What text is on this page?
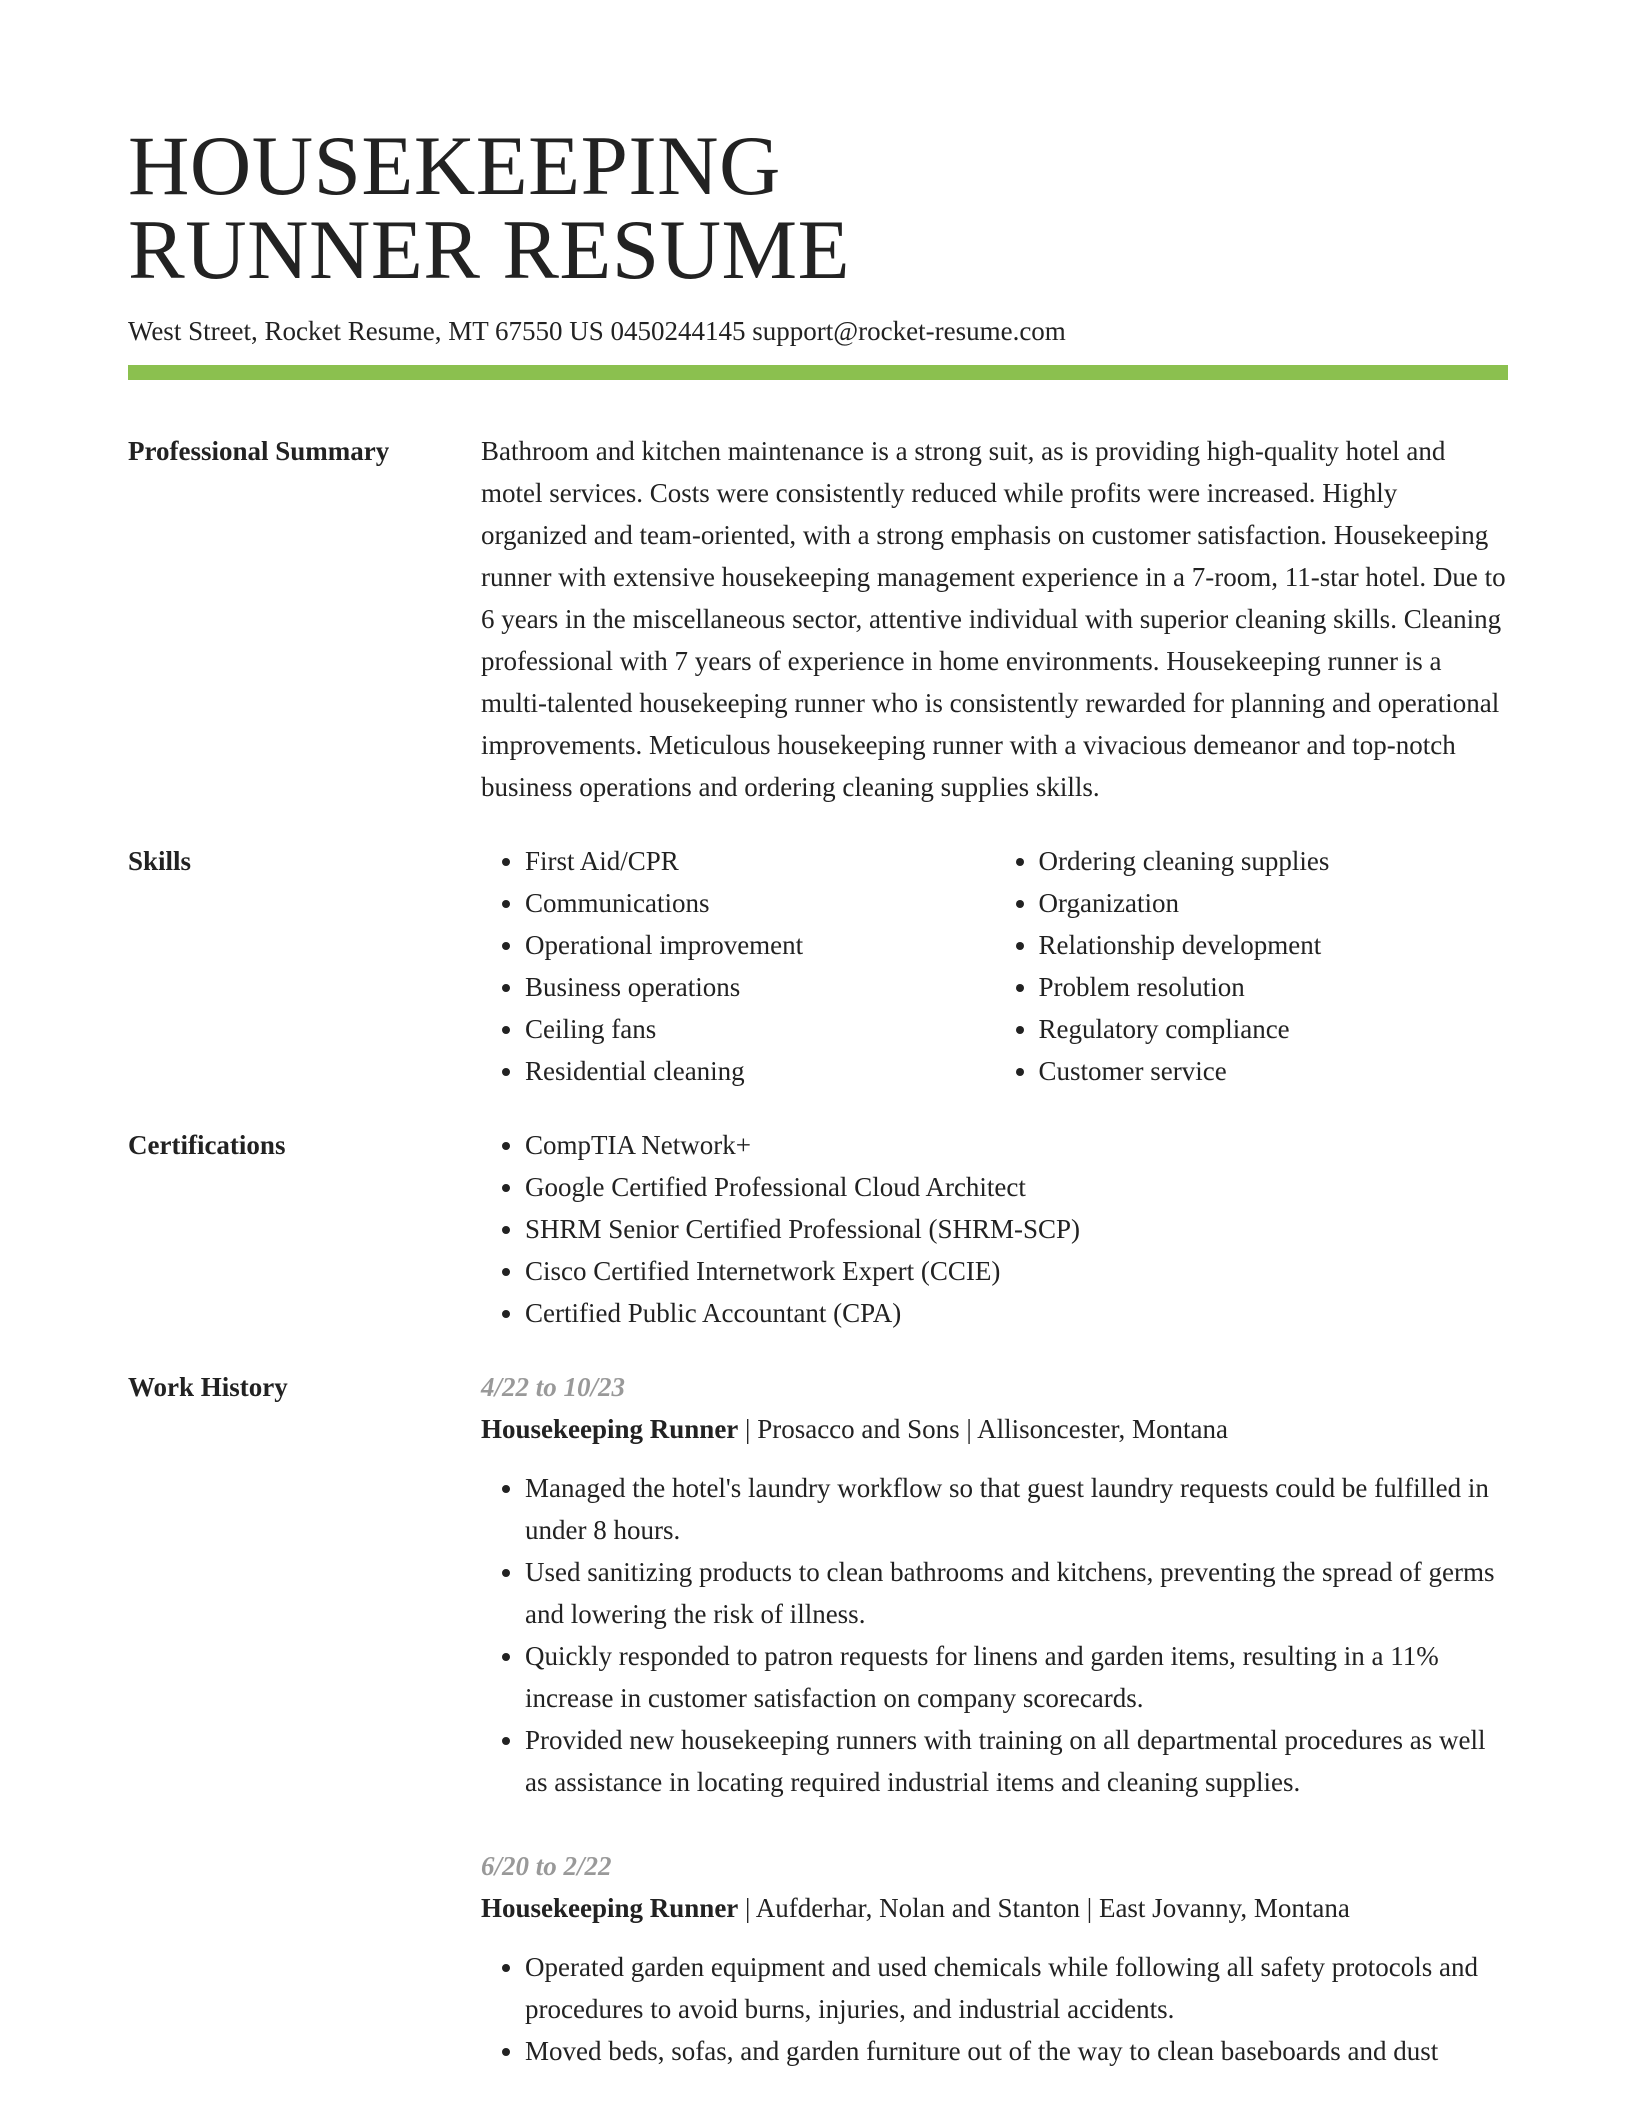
HOUSEKEEPING
RUNNER RESUME
West Street, Rocket Resume, MT 67550 US 0450244145 support@rocket-resume.com
Professional Summary	Bathroom and kitchen maintenance is a strong suit, as is providing high-quality hotel and motel services. Costs were consistently reduced while profits were increased. Highly organized and team-oriented, with a strong emphasis on customer satisfaction. Housekeeping runner with extensive housekeeping management experience in a 7-room, 11-star hotel. Due to 6 years in the miscellaneous sector, attentive individual with superior cleaning skills. Cleaning professional with 7 years of experience in home environments. Housekeeping runner is a multi-talented housekeeping runner who is consistently rewarded for planning and operational improvements. Meticulous housekeeping runner with a vivacious demeanor and top-notch business operations and ordering cleaning supplies skills.

Skills	• First Aid/CPR
• Communications
• Operational improvement
• Business operations
• Ceiling fans
• Residential cleaning
• Ordering cleaning supplies
• Organization
• Relationship development
• Problem resolution
• Regulatory compliance
• Customer service
Certifications	• CompTIA Network+
• Google Certified Professional Cloud Architect
• SHRM Senior Certified Professional (SHRM-SCP)
• Cisco Certified Internetwork Expert (CCIE)
• Certified Public Accountant (CPA)
Work History	4/22 to 10/23
Housekeeping Runner | Prosacco and Sons | Allisoncester, Montana
• Managed the hotel's laundry workflow so that guest laundry requests could be fulfilled in under 8 hours.
• Used sanitizing products to clean bathrooms and kitchens, preventing the spread of germs and lowering the risk of illness.
• Quickly responded to patron requests for linens and garden items, resulting in a 11% increase in customer satisfaction on company scorecards.
• Provided new housekeeping runners with training on all departmental procedures as well as assistance in locating required industrial items and cleaning supplies.
6/20 to 2/22
Housekeeping Runner | Aufderhar, Nolan and Stanton | East Jovanny, Montana
• Operated garden equipment and used chemicals while following all safety protocols and procedures to avoid burns, injuries, and industrial accidents.
• Moved beds, sofas, and garden furniture out of the way to clean baseboards and dust
